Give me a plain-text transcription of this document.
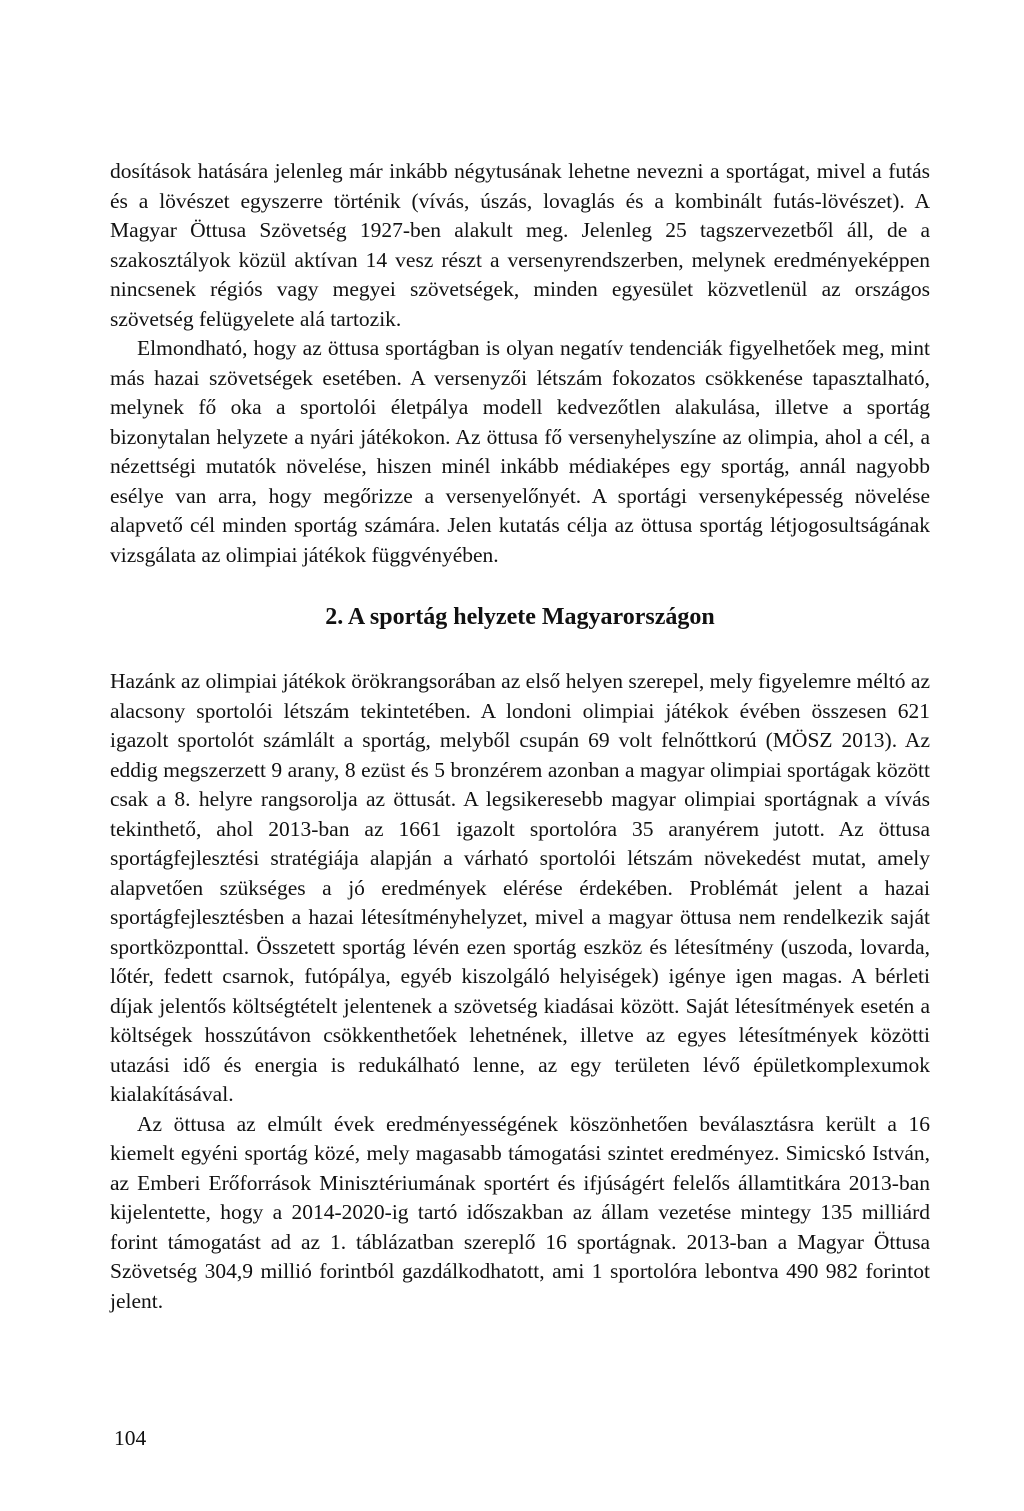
dosítások hatására jelenleg már inkább négytusának lehetne nevezni a sportágat, mivel a futás és a lövészet egyszerre történik (vívás, úszás, lovaglás és a kombinált futás-lövészet). A Magyar Öttusa Szövetség 1927-ben alakult meg. Jelenleg 25 tagszervezetből áll, de a szakosztályok közül aktívan 14 vesz részt a versenyrendszerben, melynek eredményeképpen nincsenek régiós vagy megyei szövetségek, minden egyesület közvetlenül az országos szövetség felügyelete alá tartozik.

Elmondható, hogy az öttusa sportágban is olyan negatív tendenciák figyelhetőek meg, mint más hazai szövetségek esetében. A versenyzői létszám fokozatos csökkenése tapasztalható, melynek fő oka a sportolói életpálya modell kedvezőtlen alakulása, illetve a sportág bizonytalan helyzete a nyári játékokon. Az öttusa fő versenyhelyszíne az olimpia, ahol a cél, a nézettségi mutatók növelése, hiszen minél inkább médiaképes egy sportág, annál nagyobb esélye van arra, hogy megőrizze a versenyelőnyét. A sportági versenyképesség növelése alapvető cél minden sportág számára. Jelen kutatás célja az öttusa sportág létjogosultságának vizsgálata az olimpiai játékok függvényében.

2. A sportág helyzete Magyarországon

Hazánk az olimpiai játékok örökrangsorában az első helyen szerepel, mely figyelemre méltó az alacsony sportolói létszám tekintetében. A londoni olimpiai játékok évében összesen 621 igazolt sportolót számlált a sportág, melyből csupán 69 volt felnőttkorú (MÖSZ 2013). Az eddig megszerzett 9 arany, 8 ezüst és 5 bronzérem azonban a magyar olimpiai sportágak között csak a 8. helyre rangsorolja az öttusát. A legsikeresebb magyar olimpiai sportágnak a vívás tekinthető, ahol 2013-ban az 1661 igazolt sportolóra 35 aranyérem jutott. Az öttusa sportágfejlesztési stratégiája alapján a várható sportolói létszám növekedést mutat, amely alapvetően szükséges a jó eredmények elérése érdekében. Problémát jelent a hazai sportágfejlesztésben a hazai létesítményhelyzet, mivel a magyar öttusa nem rendelkezik saját sportközponttal. Összetett sportág lévén ezen sportág eszköz és létesítmény (uszoda, lovarda, lőtér, fedett csarnok, futópálya, egyéb kiszolgáló helyiségek) igénye igen magas. A bérleti díjak jelentős költségtételt jelentenek a szövetség kiadásai között. Saját létesítmények esetén a költségek hosszútávon csökkenthetőek lehetnének, illetve az egyes létesítmények közötti utazási idő és energia is redukálható lenne, az egy területen lévő épületkomplexumok kialakításával.

Az öttusa az elmúlt évek eredményességének köszönhetően beválasztásra került a 16 kiemelt egyéni sportág közé, mely magasabb támogatási szintet eredményez. Simicskó István, az Emberi Erőforrások Minisztériumának sportért és ifjúságért felelős államtitkára 2013-ban kijelentette, hogy a 2014-2020-ig tartó időszakban az állam vezetése mintegy 135 milliárd forint támogatást ad az 1. táblázatban szereplő 16 sportágnak. 2013-ban a Magyar Öttusa Szövetség 304,9 millió forintból gazdálkodhatott, ami 1 sportolóra lebontva 490 982 forintot jelent.

104
